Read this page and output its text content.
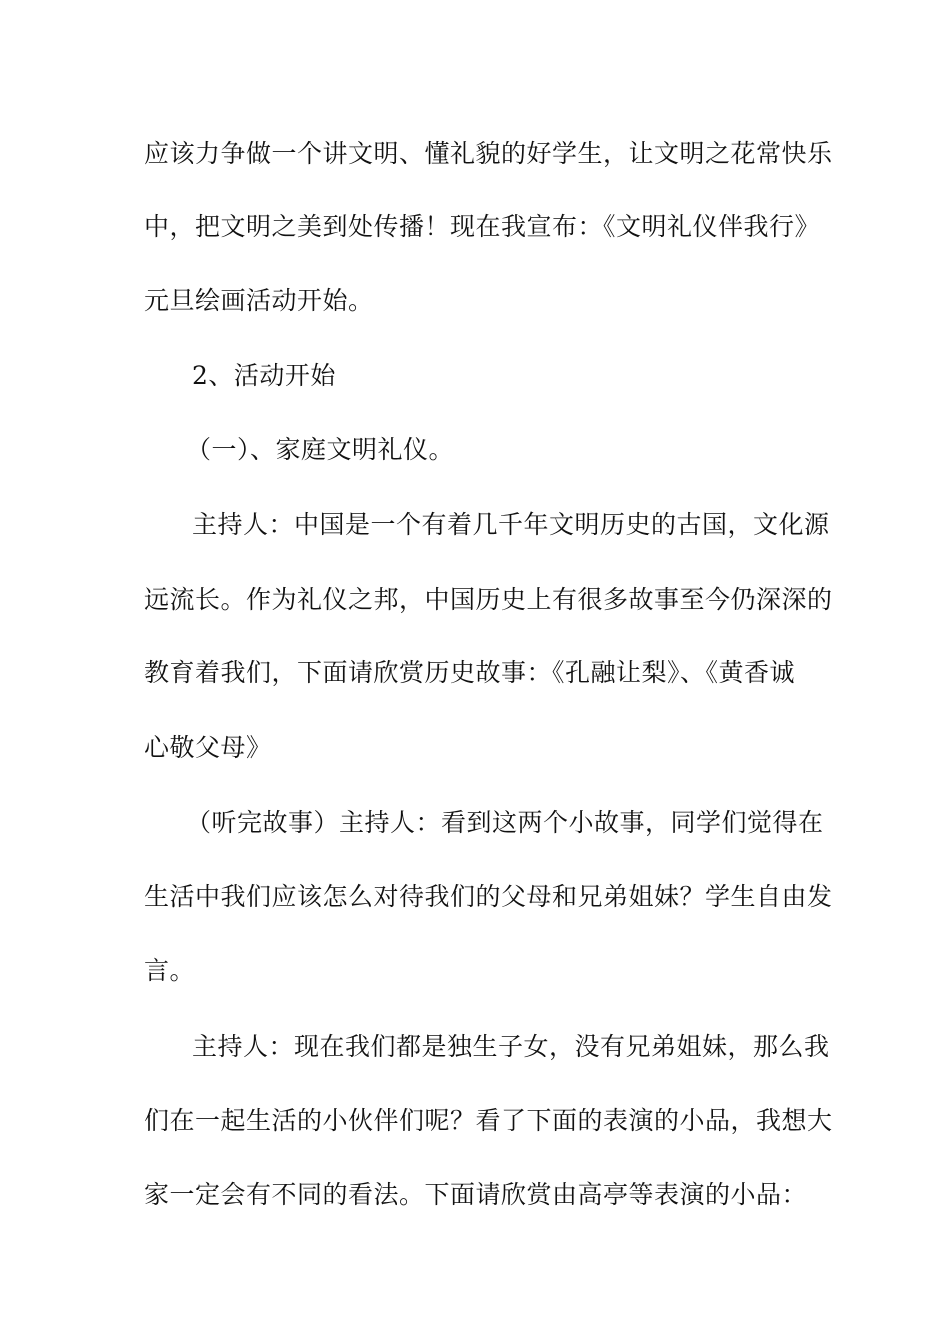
应该力争做一个讲文明、懂礼貌的好学生，让文明之花常快乐
中，把文明之美到处传播！现在我宣布：《文明礼仪伴我行》
元旦绘画活动开始。
2、活动开始
（一）、家庭文明礼仪。
主持人：中国是一个有着几千年文明历史的古国，文化源
远流长。作为礼仪之邦，中国历史上有很多故事至今仍深深的
教育着我们，下面请欣赏历史故事：《孔融让梨》、《黄香诚
心敬父母》
（听完故事）主持人：看到这两个小故事，同学们觉得在
生活中我们应该怎么对待我们的父母和兄弟姐妹？学生自由发
言。
主持人：现在我们都是独生子女，没有兄弟姐妹，那么我
们在一起生活的小伙伴们呢？看了下面的表演的小品，我想大
家一定会有不同的看法。下面请欣赏由高亭等表演的小品：
